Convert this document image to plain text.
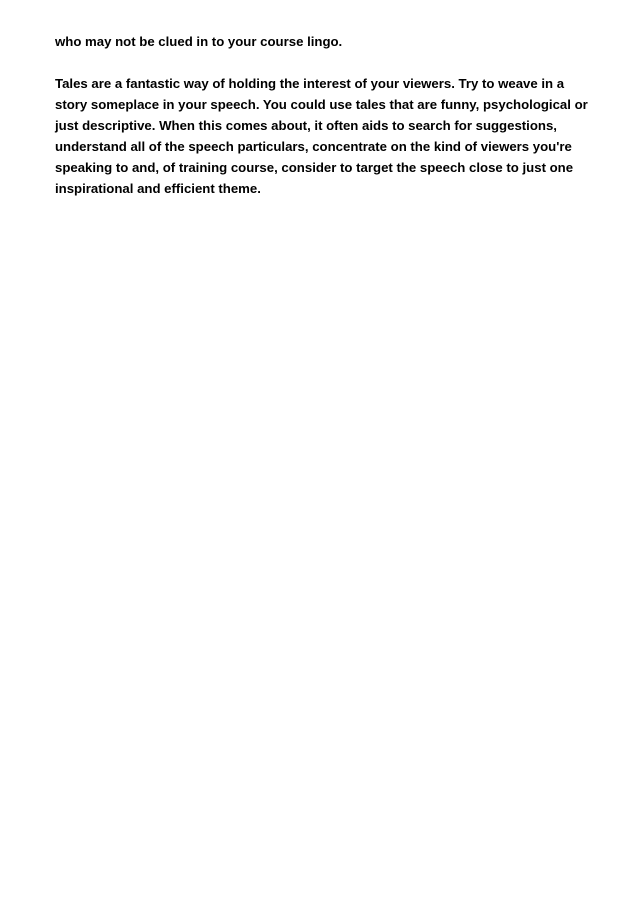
who may not be clued in to your course lingo.

Tales are a fantastic way of holding the interest of your viewers. Try to weave in a
story someplace in your speech. You could use tales that are funny, psychological or
just descriptive. When this comes about, it often aids to search for suggestions,
understand all of the speech particulars, concentrate on the kind of viewers you're
speaking to and, of training course, consider to target the speech close to just one
inspirational and efficient theme.
